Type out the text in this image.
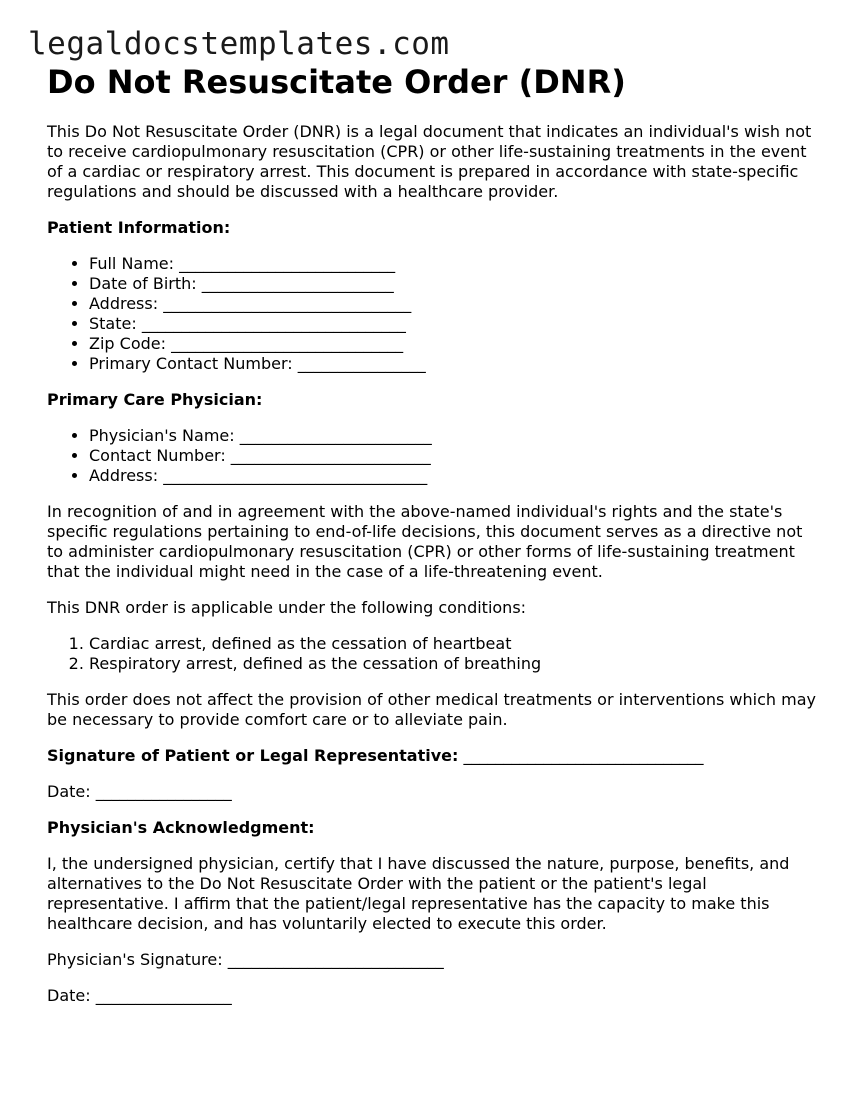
legaldocstemplates.com
Do Not Resuscitate Order (DNR)

This Do Not Resuscitate Order (DNR) is a legal document that indicates an individual's wish not to receive cardiopulmonary resuscitation (CPR) or other life-sustaining treatments in the event of a cardiac or respiratory arrest. This document is prepared in accordance with state-specific regulations and should be discussed with a healthcare provider.

Patient Information:

• Full Name: ___________________________
• Date of Birth: ________________________
• Address: _______________________________
• State: _________________________________
• Zip Code: _____________________________
• Primary Contact Number: ________________

Primary Care Physician:

• Physician's Name: ________________________
• Contact Number: _________________________
• Address: _________________________________

In recognition of and in agreement with the above-named individual's rights and the state's specific regulations pertaining to end-of-life decisions, this document serves as a directive not to administer cardiopulmonary resuscitation (CPR) or other forms of life-sustaining treatment that the individual might need in the case of a life-threatening event.

This DNR order is applicable under the following conditions:

1. Cardiac arrest, defined as the cessation of heartbeat
2. Respiratory arrest, defined as the cessation of breathing

This order does not affect the provision of other medical treatments or interventions which may be necessary to provide comfort care or to alleviate pain.

Signature of Patient or Legal Representative: ______________________________

Date: _________________

Physician's Acknowledgment:

I, the undersigned physician, certify that I have discussed the nature, purpose, benefits, and alternatives to the Do Not Resuscitate Order with the patient or the patient's legal representative. I affirm that the patient/legal representative has the capacity to make this healthcare decision, and has voluntarily elected to execute this order.

Physician's Signature: ___________________________

Date: _________________
